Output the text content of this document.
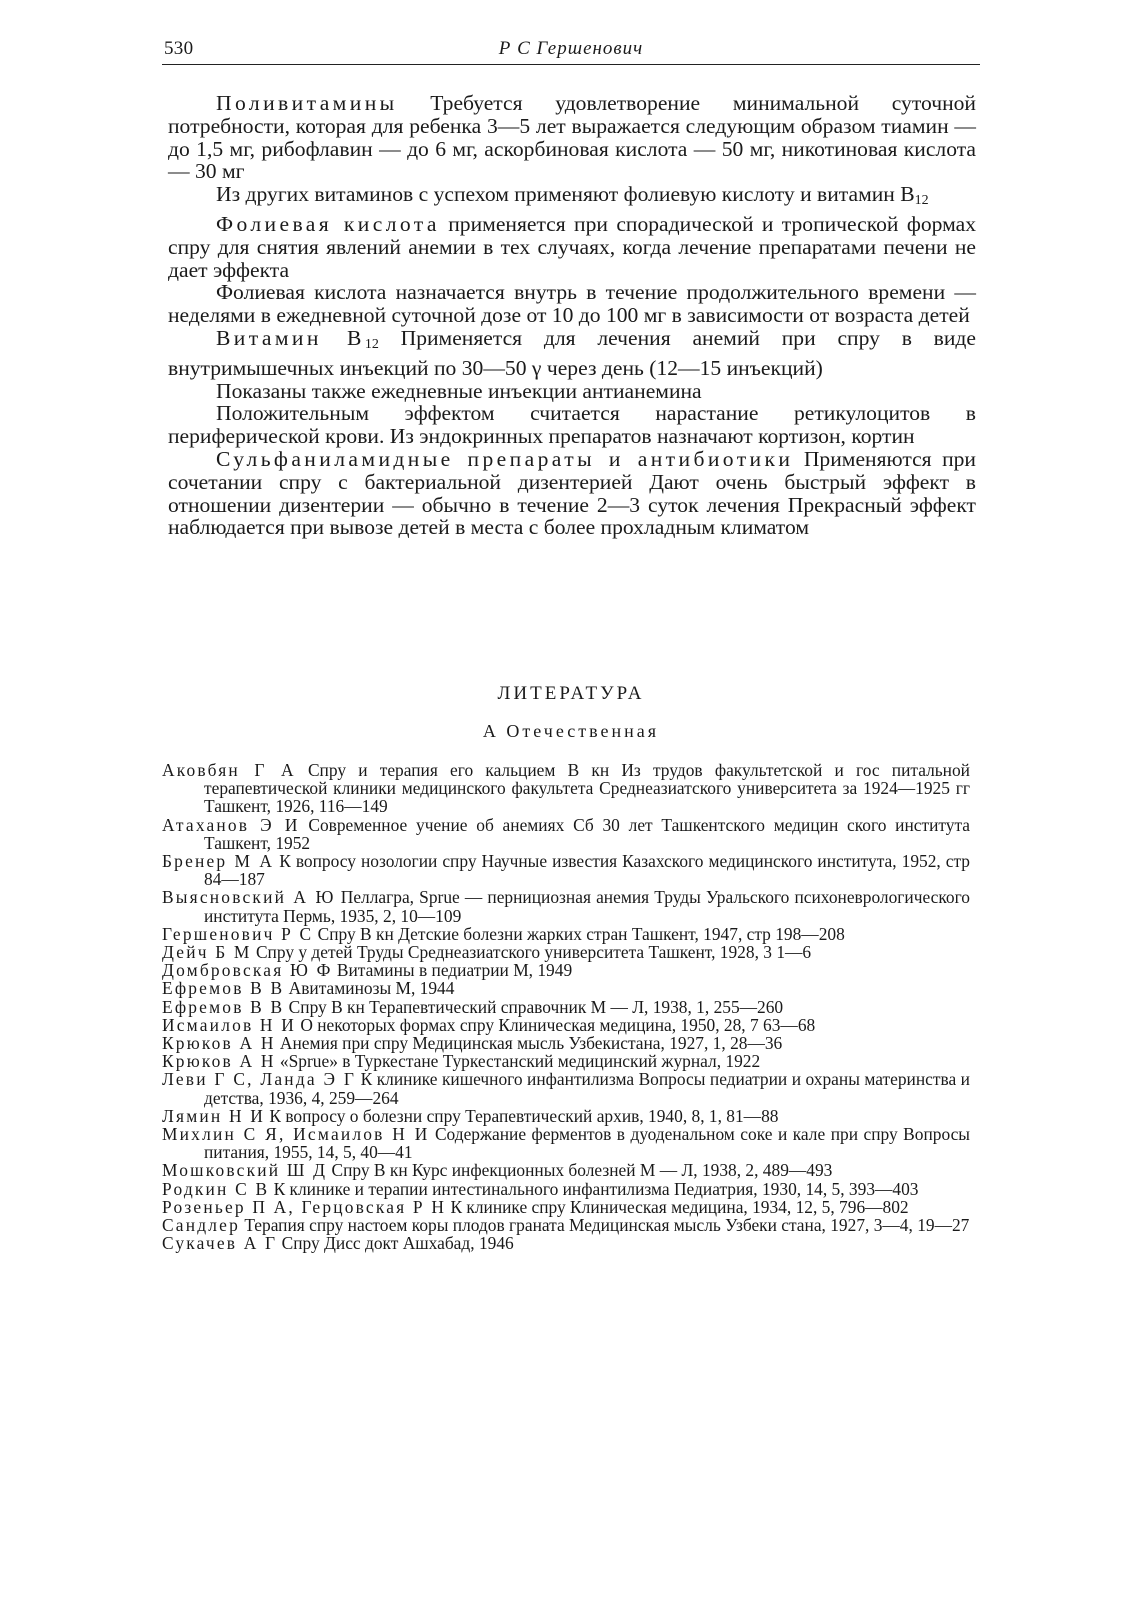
530	Р С Гершенович

Поливитамины Требуется удовлетворение минимальной суточной потребности, которая для ребенка 3—5 лет выражается следующим образом тиамин — до 1,5 мг, рибофлавин — до 6 мг, аскорбиновая кислота — 50 мг, никотиновая кислота — 30 мг

Из других витаминов с успехом применяют фолиевую кислоту и витамин $В_{12}$

Фолиевая кислота применяется при спорадической и тропической формах спру для снятия явлений анемии в тех случаях, когда лечение препаратами печени не дает эффекта

Фолиевая кислота назначается внутрь в течение продолжительного времени — неделями в ежедневной суточной дозе от 10 до 100 мг в зависимости от возраста детей

Витамин $В_{12}$ Применяется для лечения анемий при спру в виде внутримышечных инъекций по 30—50 γ через день (12—15 инъекций)

Показаны также ежедневные инъекции антианемина

Положительным эффектом считается нарастание ретикулоцитов в периферической крови. Из эндокринных препаратов назначают кортизон, кортин

Сульфаниламидные препараты и антибиотики Применяются при сочетании спру с бактериальной дизентерией Дают очень быстрый эффект в отношении дизентерии — обычно в течение 2—3 суток лечения Прекрасный эффект наблюдается при вывозе детей в места с более прохладным климатом

ЛИТЕРАТУРА
А Отечественная

Аковбян Г А Спру и терапия его кальцием В кн Из трудов факультетской и гос питальной терапевтической клиники медицинского факультета Среднеазиатского университета за 1924—1925 гг Ташкент, 1926, 116—149

Атаханов Э И Современное учение об анемиях Сб 30 лет Ташкентского медицин ского института Ташкент, 1952

Бренер М А К вопросу нозологии спру Научные известия Казахского медицинского института, 1952, стр 84—187

Выясновский А Ю Пеллагра, Sprue — пернициозная анемия Труды Уральского психоневрологического института Пермь, 1935, 2, 10—109

Гершенович Р С Спру В кн Детские болезни жарких стран Ташкент, 1947, стр 198—208

Дейч Б М Спру у детей Труды Среднеазиатского университета Ташкент, 1928, 3 1—6

Домбровская Ю Ф Витамины в педиатрии М, 1949

Ефремов В В Авитаминозы М, 1944

Ефремов В В Спру В кн Терапевтический справочник М — Л, 1938, 1, 255—260

Исмаилов Н И О некоторых формах спру Клиническая медицина, 1950, 28, 7 63—68

Крюков А Н Анемия при спру Медицинская мысль Узбекистана, 1927, 1, 28—36

Крюков А Н «Sprue» в Туркестане Туркестанский медицинский журнал, 1922

Леви Г С, Ланда Э Г К клинике кишечного инфантилизма Вопросы педиатрии и охраны материнства и детства, 1936, 4, 259—264

Лямин Н И К вопросу о болезни спру Терапевтический архив, 1940, 8, 1, 81—88

Михлин С Я, Исмаилов Н И Содержание ферментов в дуоденальном соке и кале при спру Вопросы питания, 1955, 14, 5, 40—41

Мошковский Ш Д Спру В кн Курс инфекционных болезней М — Л, 1938, 2, 489—493

Родкин С В К клинике и терапии интестинального инфантилизма Педиатрия, 1930, 14, 5, 393—403

Розеньер П А, Герцовская Р Н К клинике спру Клиническая медицина, 1934, 12, 5, 796—802

Сандлер Терапия спру настоем коры плодов граната Медицинская мысль Узбеки стана, 1927, 3—4, 19—27

Сукачев А Г Спру Дисс докт Ашхабад, 1946
